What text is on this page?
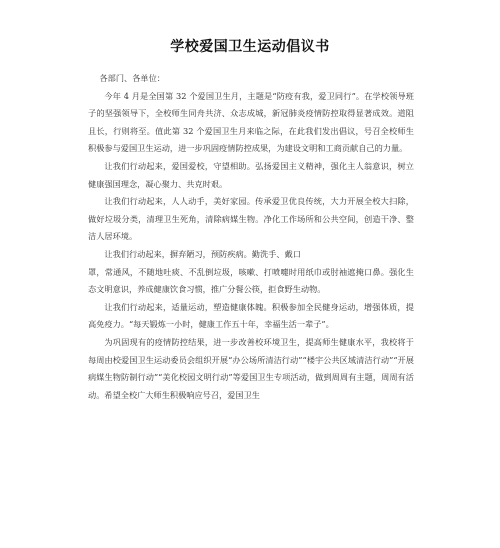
学校爱国卫生运动倡议书

各部门、各单位：

今年 4 月是全国第 32 个爱国卫生月，主题是“防疫有我，爱卫同行”。在学校领导班子的坚强领导下，全校师生同舟共济、众志成城，新冠肺炎疫情防控取得显著成效。道阻且长，行则将至。值此第 32 个爱国卫生月来临之际，在此我们发出倡议，号召全校师生积极参与爱国卫生运动，进一步巩固疫情防控成果，为建设文明和工商贡献自己的力量。

让我们行动起来，爱国爱校，守望相助。弘扬爱国主义精神，强化主人翁意识，树立健康强国理念，凝心聚力、共克时艰。

让我们行动起来，人人动手，美好家园。传承爱卫优良传统，大力开展全校大扫除，做好垃圾分类，清理卫生死角，清除病媒生物。净化工作场所和公共空间，创造干净、整洁人居环境。

让我们行动起来，摒弃陋习，预防疾病。勤洗手、戴口

罩，常通风，不随地吐痰、不乱倒垃圾，咳嗽、打喷嚏时用纸巾或肘袖遮掩口鼻。强化生态文明意识，养成健康饮食习惯，推广分餐公筷，拒食野生动物。

让我们行动起来，适量运动，塑造健康体魄。积极参加全民健身运动，增强体质，提高免疫力。“每天锻炼一小时，健康工作五十年，幸福生活一辈子”。

为巩固现有的疫情防控结果，进一步改善校环境卫生，提高师生健康水平，我校将于每周由校爱国卫生运动委员会组织开展“办公场所清洁行动”“楼宇公共区域清洁行动”“开展病媒生物防制行动”“美化校园文明行动”等爱国卫生专项活动，做到周周有主题，周周有活动。希望全校广大师生积极响应号召，爱国卫生
